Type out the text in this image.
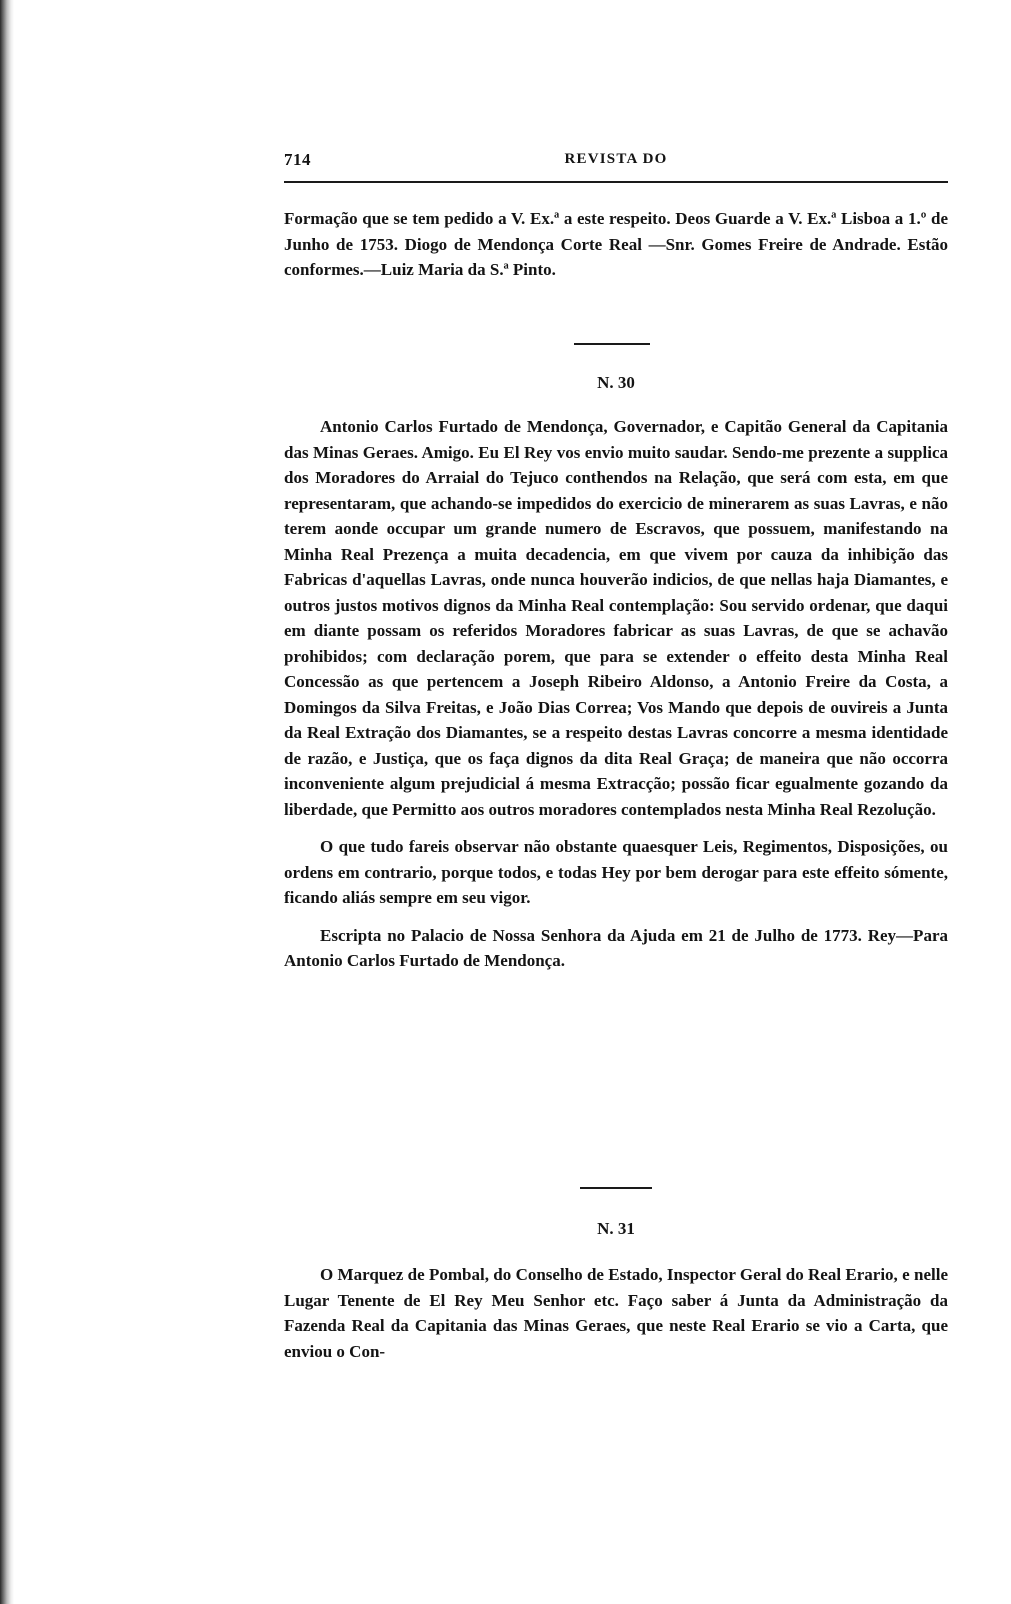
714	REVISTA DO

Formação que se tem pedido a V. Ex.ª a este respeito. Deos Guarde a V. Ex.ª Lisboa a 1.º de Junho de 1753. Diogo de Mendonça Corte Real —Snr. Gomes Freire de Andrade. Estão conformes.—Luiz Maria da S.ª Pinto.

N. 30

Antonio Carlos Furtado de Mendonça, Governador, e Capitão General da Capitania das Minas Geraes. Amigo. Eu El Rey vos envio muito saudar. Sendo-me prezente a supplica dos Moradores do Arraial do Tejuco conthendos na Relação, que será com esta, em que representaram, que achando-se impedidos do exercicio de minerarem as suas Lavras, e não terem aonde occupar um grande numero de Escravos, que possuem, manifestando na Minha Real Prezença a muita decadencia, em que vivem por cauza da inhibição das Fabricas d'aquellas Lavras, onde nunca houverão indicios, de que nellas haja Diamantes, e outros justos motivos dignos da Minha Real contemplação: Sou servido ordenar, que daqui em diante possam os referidos Moradores fabricar as suas Lavras, de que se achavão prohibidos; com declaração porem, que para se extender o effeito desta Minha Real Concessão as que pertencem a Joseph Ribeiro Aldonso, a Antonio Freire da Costa, a Domingos da Silva Freitas, e João Dias Correa; Vos Mando que depois de ouvireis a Junta da Real Extração dos Diamantes, se a respeito destas Lavras concorre a mesma identidade de razão, e Justiça, que os faça dignos da dita Real Graça; de maneira que não occorra inconveniente algum prejudicial á mesma Extracção; possão ficar egualmente gozando da liberdade, que Permitto aos outros moradores contemplados nesta Minha Real Rezolução.

O que tudo fareis observar não obstante quaesquer Leis, Regimentos, Disposições, ou ordens em contrario, porque todos, e todas Hey por bem derogar para este effeito sómente, ficando aliás sempre em seu vigor.

Escripta no Palacio de Nossa Senhora da Ajuda em 21 de Julho de 1773. Rey—Para Antonio Carlos Furtado de Mendonça.

N. 31

O Marquez de Pombal, do Conselho de Estado, Inspector Geral do Real Erario, e nelle Lugar Tenente de El Rey Meu Senhor etc. Faço saber á Junta da Administração da Fazenda Real da Capitania das Minas Geraes, que neste Real Erario se vio a Carta, que enviou o Con-
